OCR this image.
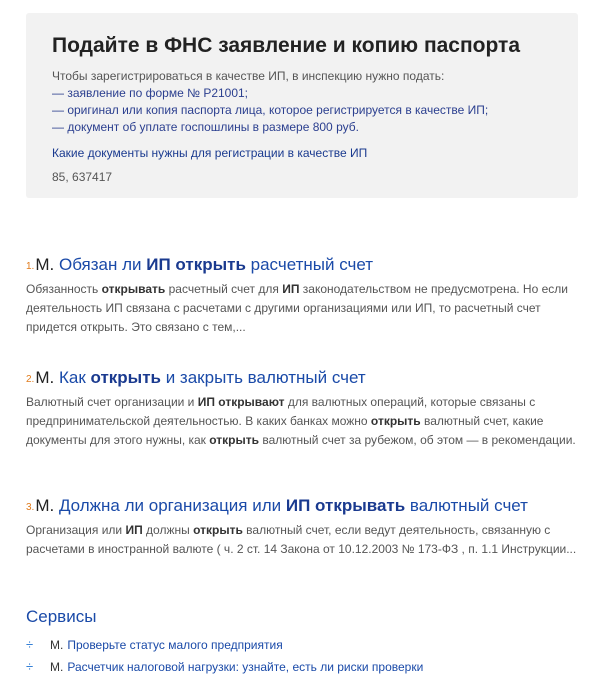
Подайте в ФНС заявление и копию паспорта
Чтобы зарегистрироваться в качестве ИП, в инспекцию нужно подать:
— заявление по форме № Р21001;
— оригинал или копия паспорта лица, которое регистрируется в качестве ИП;
— документ об уплате госпошлины в размере 800 руб.
Какие документы нужны для регистрации в качестве ИП
85, 637417
1.М. Обязан ли ИП открыть расчетный счет
Обязанность открывать расчетный счет для ИП законодательством не предусмотрена. Но если деятельность ИП связана с расчетами с другими организациями или ИП, то расчетный счет придется открыть. Это связано с тем,...
2.М. Как открыть и закрыть валютный счет
Валютный счет организации и ИП открывают для валютных операций, которые связаны с предпринимательской деятельностью. В каких банках можно открыть валютный счет, какие документы для этого нужны, как открыть валютный счет за рубежом, об этом — в рекомендации.
3.М. Должна ли организация или ИП открывать валютный счет
Организация или ИП должны открыть валютный счет, если ведут деятельность, связанную с расчетами в иностранной валюте ( ч. 2 ст. 14 Закона от 10.12.2003 № 173-ФЗ , п. 1.1 Инструкции...
Сервисы
÷	М. Проверьте статус малого предприятия
÷	М. Расчетчик налоговой нагрузки: узнайте, есть ли риски проверки
